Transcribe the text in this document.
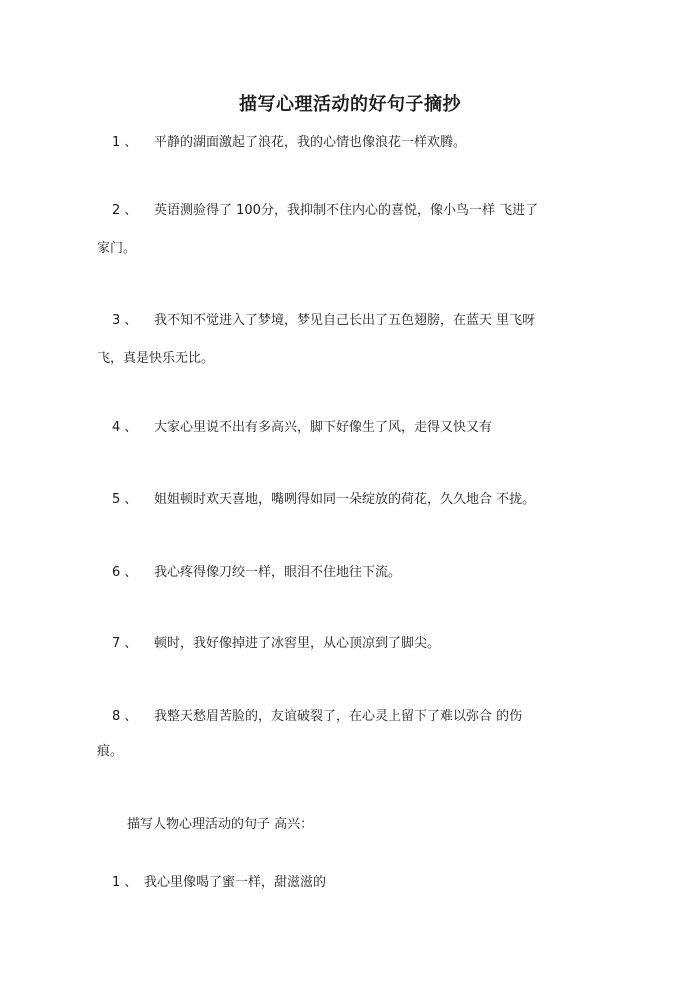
描写心理活动的好句子摘抄
1 、 平静的湖面激起了浪花，我的心情也像浪花一样欢腾。
2 、 英语测验得了 100分，我抑制不住内心的喜悦，像小鸟一样 飞进了
家门。
3 、 我不知不觉进入了梦境，梦见自己长出了五色翅膀，在蓝天 里飞呀
飞，真是快乐无比。
4 、 大家心里说不出有多高兴，脚下好像生了风，走得又快又有
5 、 姐姐顿时欢天喜地，嘴咧得如同一朵绽放的荷花，久久地合 不拢。
6 、 我心疼得像刀绞一样，眼泪不住地往下流。
7 、 顿时，我好像掉进了冰窖里，从心顶凉到了脚尖。
8 、 我整天愁眉苦脸的，友谊破裂了，在心灵上留下了难以弥合 的伤
痕。
描写人物心理活动的句子 高兴：
1 、 我心里像喝了蜜一样，甜滋滋的
